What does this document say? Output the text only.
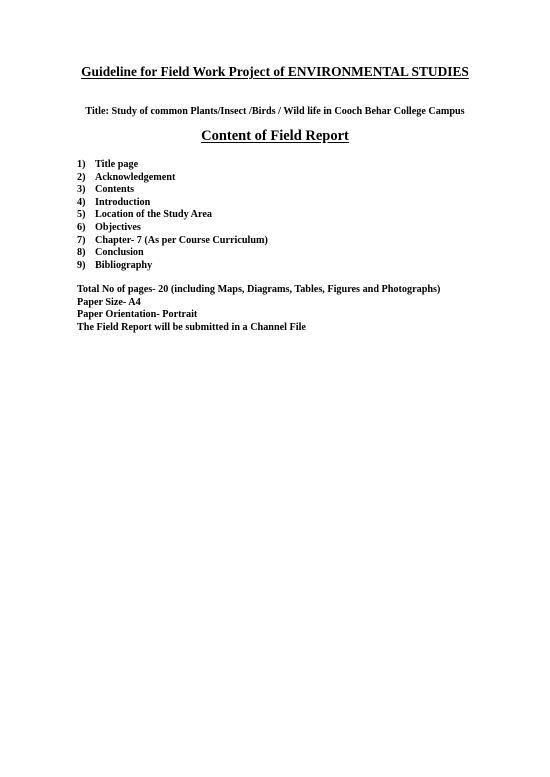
Guideline for Field Work Project of ENVIRONMENTAL STUDIES

Title: Study of common Plants/Insect /Birds / Wild life in Cooch Behar College Campus

Content of Field Report
1) Title page
2) Acknowledgement
3) Contents
4) Introduction
5) Location of the Study Area
6) Objectives
7) Chapter- 7 (As per Course Curriculum)
8) Conclusion
9) Bibliography
Total No of pages- 20 (including Maps, Diagrams, Tables, Figures and Photographs)
Paper Size- A4
Paper Orientation- Portrait
The Field Report will be submitted in a Channel File
